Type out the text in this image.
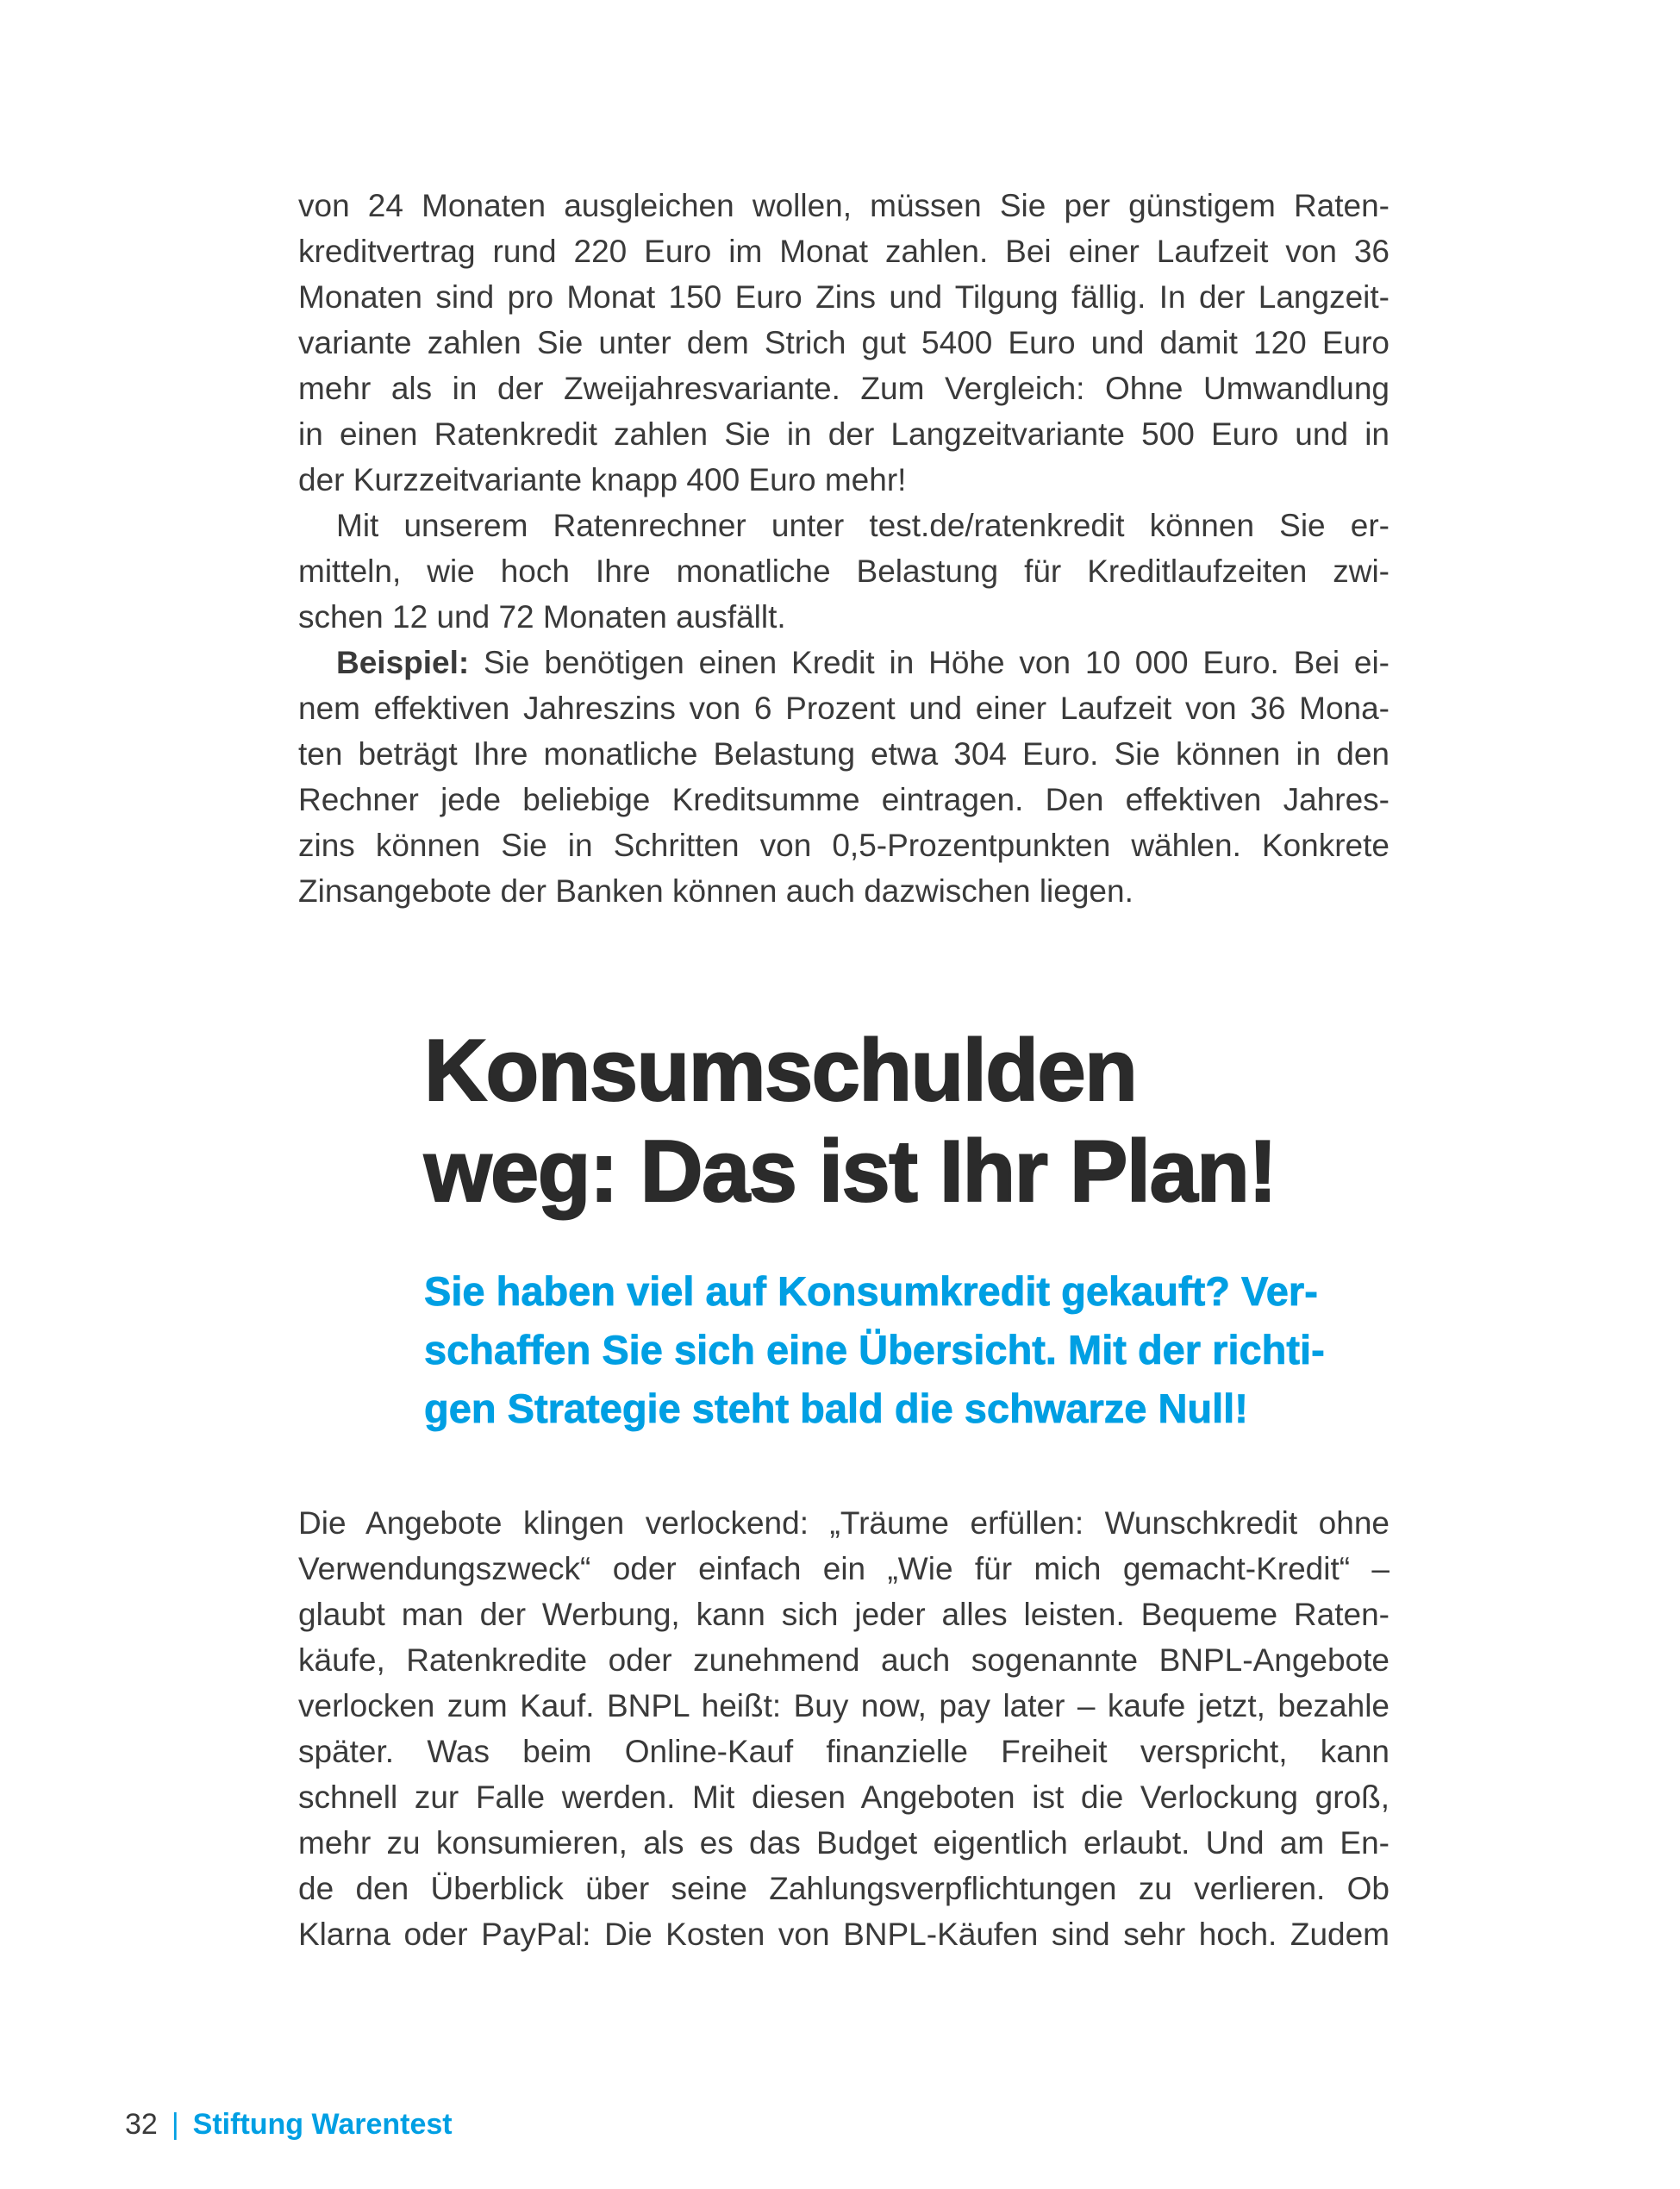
von 24 Monaten ausgleichen wollen, müssen Sie per günstigem Raten-
kreditvertrag rund 220 Euro im Monat zahlen. Bei einer Laufzeit von 36
Monaten sind pro Monat 150 Euro Zins und Tilgung fällig. In der Langzeit-
variante zahlen Sie unter dem Strich gut 5400 Euro und damit 120 Euro
mehr als in der Zweijahresvariante. Zum Vergleich: Ohne Umwandlung
in einen Ratenkredit zahlen Sie in der Langzeitvariante 500 Euro und in
der Kurzzeitvariante knapp 400 Euro mehr!
Mit unserem Ratenrechner unter test.de/ratenkredit können Sie er-
mitteln, wie hoch Ihre monatliche Belastung für Kreditlaufzeiten zwi-
schen 12 und 72 Monaten ausfällt.
Beispiel: Sie benötigen einen Kredit in Höhe von 10 000 Euro. Bei ei-
nem effektiven Jahreszins von 6 Prozent und einer Laufzeit von 36 Mona-
ten beträgt Ihre monatliche Belastung etwa 304 Euro. Sie können in den
Rechner jede beliebige Kreditsumme eintragen. Den effektiven Jahres-
zins können Sie in Schritten von 0,5-Prozentpunkten wählen. Konkrete
Zinsangebote der Banken können auch dazwischen liegen.
Konsumschulden
weg: Das ist Ihr Plan!
Sie haben viel auf Konsumkredit gekauft? Ver-
schaffen Sie sich eine Übersicht. Mit der richti-
gen Strategie steht bald die schwarze Null!
Die Angebote klingen verlockend: „Träume erfüllen: Wunschkredit ohne
Verwendungszweck“ oder einfach ein „Wie für mich gemacht-Kredit“ –
glaubt man der Werbung, kann sich jeder alles leisten. Bequeme Raten-
käufe, Ratenkredite oder zunehmend auch sogenannte BNPL-Angebote
verlocken zum Kauf. BNPL heißt: Buy now, pay later – kaufe jetzt, bezahle
später. Was beim Online-Kauf finanzielle Freiheit verspricht, kann
schnell zur Falle werden. Mit diesen Angeboten ist die Verlockung groß,
mehr zu konsumieren, als es das Budget eigentlich erlaubt. Und am En-
de den Überblick über seine Zahlungsverpflichtungen zu verlieren. Ob
Klarna oder PayPal: Die Kosten von BNPL-Käufen sind sehr hoch. Zudem
32 | Stiftung Warentest
